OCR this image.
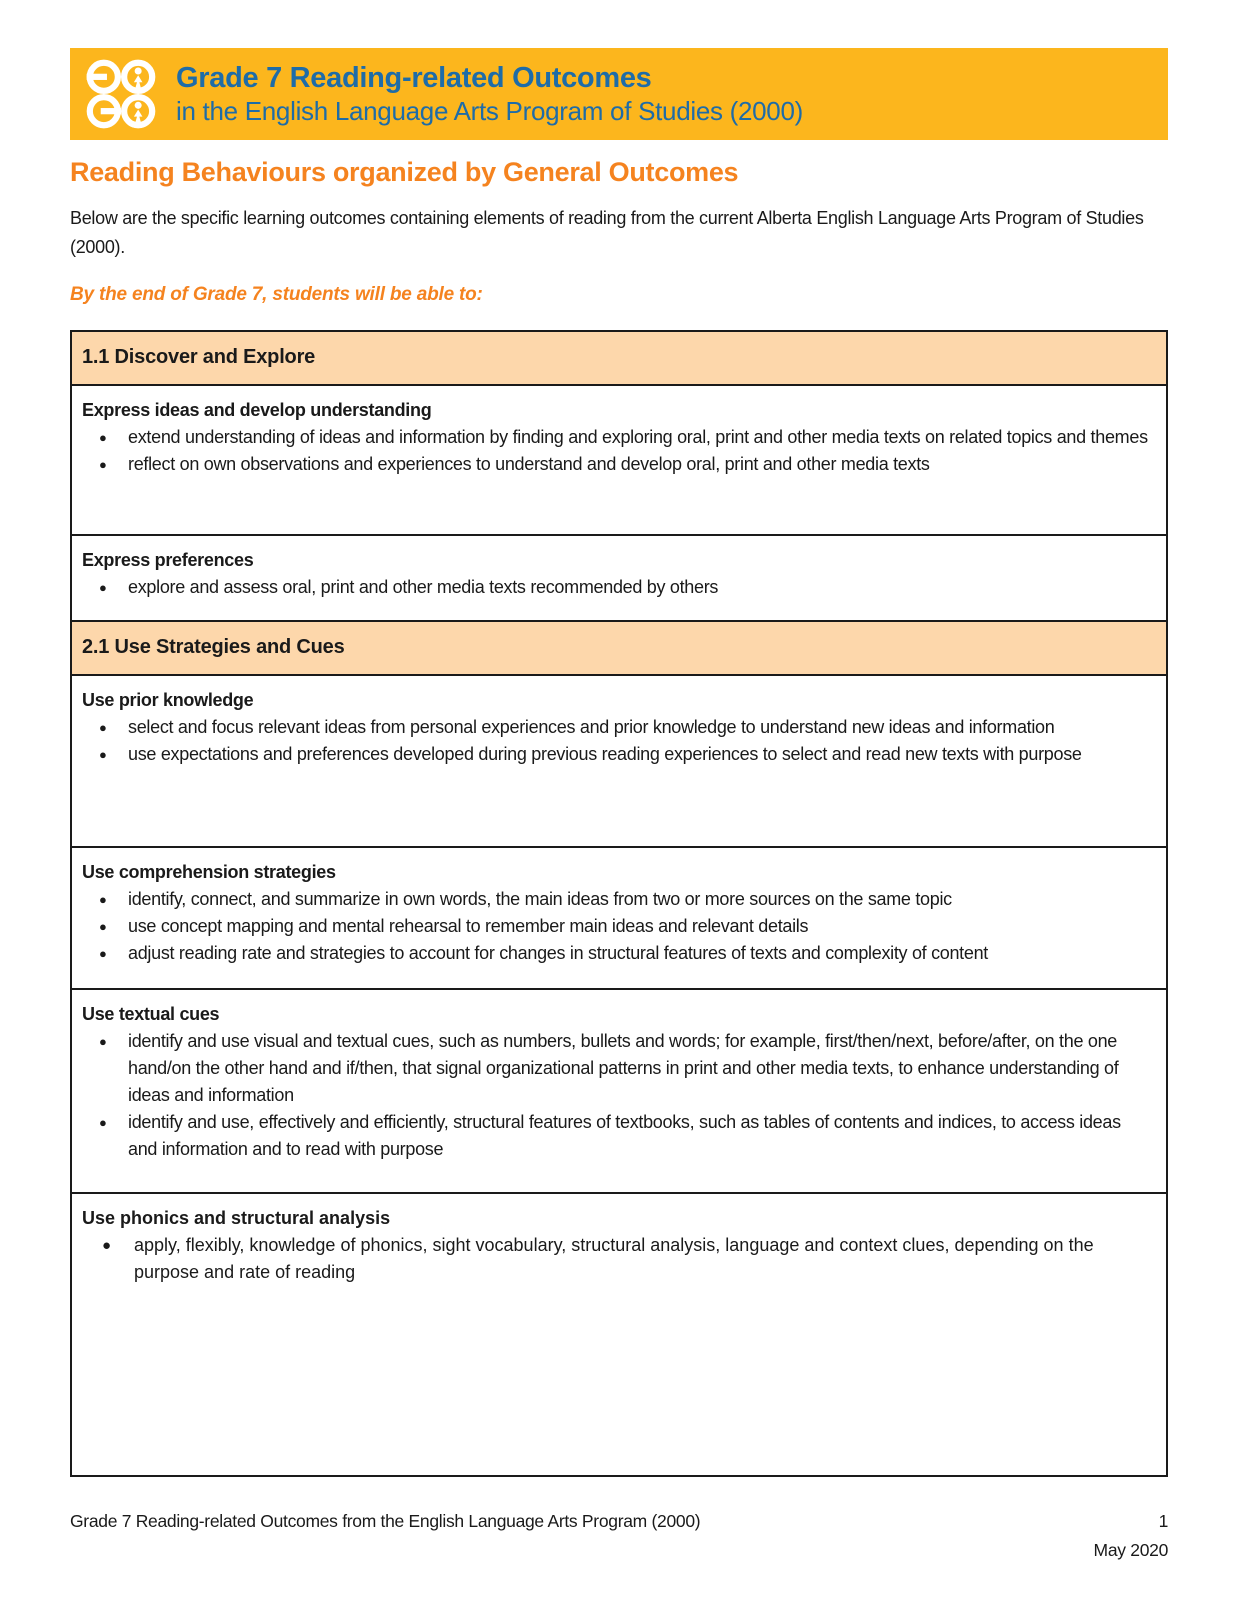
Grade 7 Reading-related Outcomes
in the English Language Arts Program of Studies (2000)
Reading Behaviours organized by General Outcomes

Below are the specific learning outcomes containing elements of reading from the current Alberta English Language Arts Program of Studies (2000).

By the end of Grade 7, students will be able to:

1.1 Discover and Explore

Express ideas and develop understanding
● extend understanding of ideas and information by finding and exploring oral, print and other media texts on related topics and themes
● reflect on own observations and experiences to understand and develop oral, print and other media texts

Express preferences
● explore and assess oral, print and other media texts recommended by others

2.1 Use Strategies and Cues

Use prior knowledge
● select and focus relevant ideas from personal experiences and prior knowledge to understand new ideas and information
● use expectations and preferences developed during previous reading experiences to select and read new texts with purpose

Use comprehension strategies
● identify, connect, and summarize in own words, the main ideas from two or more sources on the same topic
● use concept mapping and mental rehearsal to remember main ideas and relevant details
● adjust reading rate and strategies to account for changes in structural features of texts and complexity of content

Use textual cues
● identify and use visual and textual cues, such as numbers, bullets and words; for example, first/then/next, before/after, on the one hand/on the other hand and if/then, that signal organizational patterns in print and other media texts, to enhance understanding of ideas and information
● identify and use, effectively and efficiently, structural features of textbooks, such as tables of contents and indices, to access ideas and information and to read with purpose

Use phonics and structural analysis
● apply, flexibly, knowledge of phonics, sight vocabulary, structural analysis, language and context clues, depending on the purpose and rate of reading
Grade 7 Reading-related Outcomes from the English Language Arts Program (2000)	1
May 2020
